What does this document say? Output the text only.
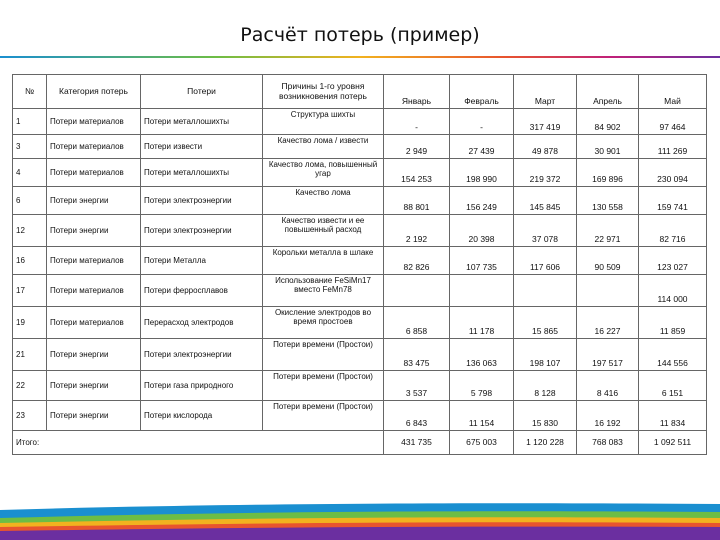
Расчёт потерь (пример)
№	Категория потерь	Потери	Причины 1-го уровня возникновения потерь	Январь	Февраль	Март	Апрель	Май
1	Потери материалов	Потери металлошихты	Структура шихты	-	-	317 419	84 902	97 464
3	Потери материалов	Потери извести	Качество лома / извести	2 949	27 439	49 878	30 901	111 269
4	Потери материалов	Потери металлошихты	Качество лома, повышенный угар	154 253	198 990	219 372	169 896	230 094
6	Потери энергии	Потери электроэнергии	Качество лома	88 801	156 249	145 845	130 558	159 741
12	Потери энергии	Потери электроэнергии	Качество извести и ее повышенный расход	2 192	20 398	37 078	22 971	82 716
16	Потери материалов	Потери Металла	Корольки металла в шлаке	82 826	107 735	117 606	90 509	123 027
17	Потери материалов	Потери ферросплавов	Использование FeSiMn17 вместо FeMn78					114 000
19	Потери материалов	Перерасход электродов	Окисление электродов во время простоев	6 858	11 178	15 865	16 227	11 859
21	Потери энергии	Потери электроэнергии	Потери времени (Простои)	83 475	136 063	198 107	197 517	144 556
22	Потери энергии	Потери газа природного	Потери времени (Простои)	3 537	5 798	8 128	8 416	6 151
23	Потери энергии	Потери кислорода	Потери времени (Простои)	6 843	11 154	15 830	16 192	11 834
Итого:				431 735	675 003	1 120 228	768 083	1 092 511
